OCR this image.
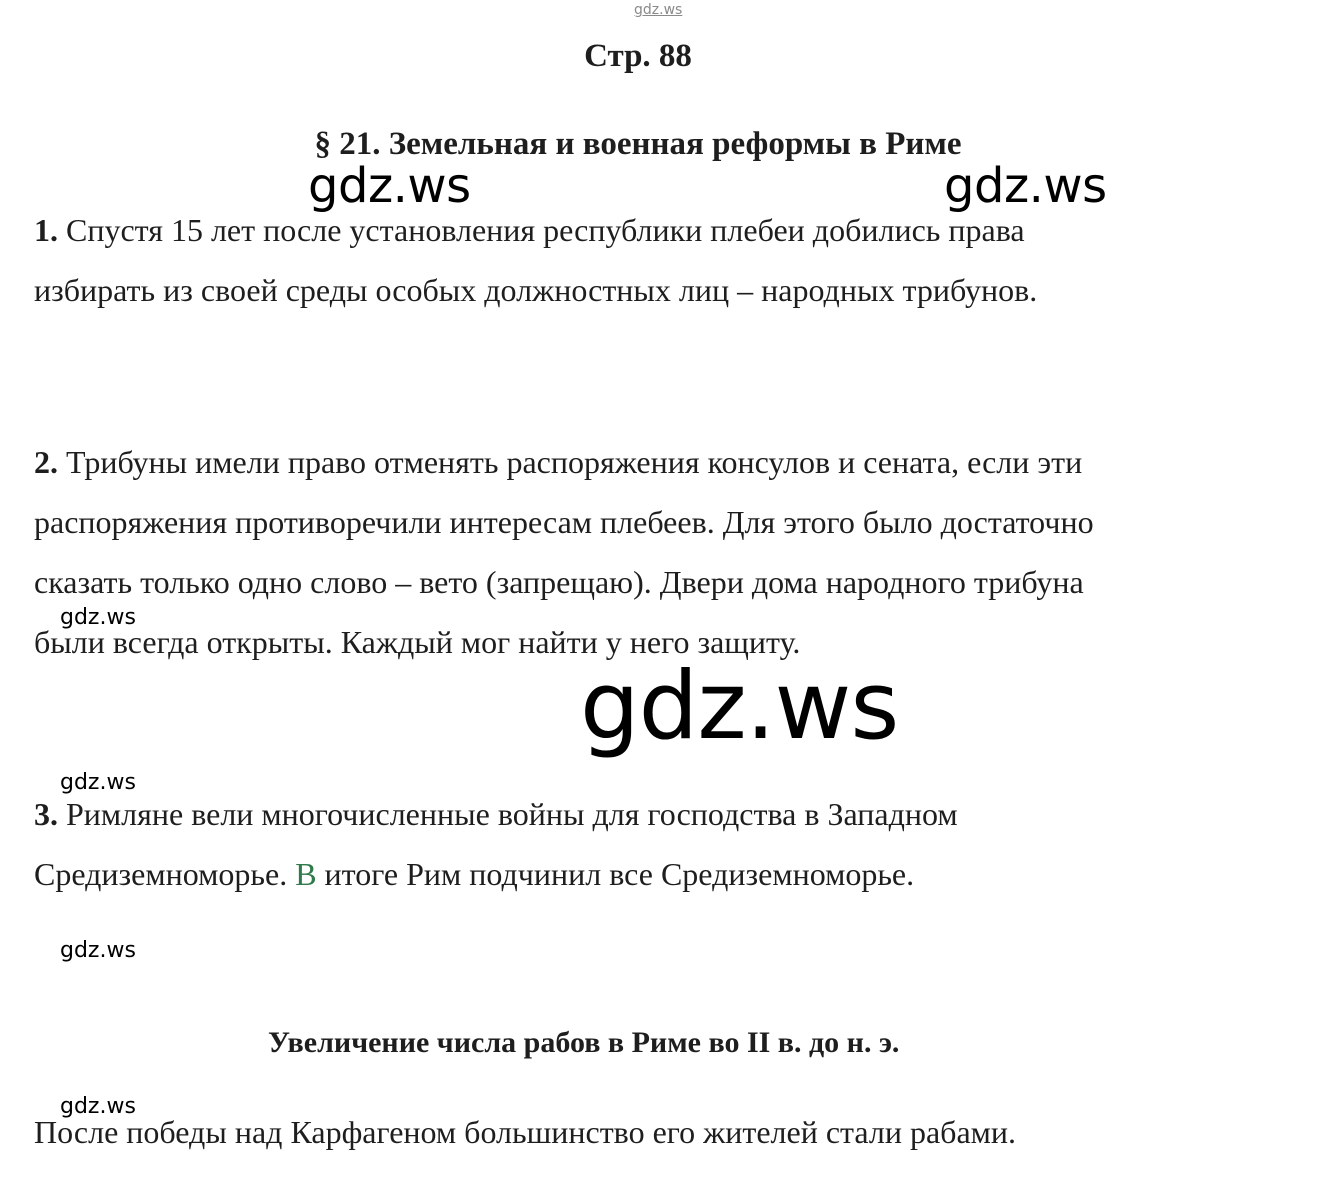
gdz.ws
gdz.ws	gdz.ws
gdz.ws
gdz.ws
gdz.ws
gdz.ws
gdz.ws
Стр. 88
§ 21. Земельная и военная реформы в Риме
1. Спустя 15 лет после установления республики плебеи добились права
избирать из своей среды особых должностных лиц – народных трибунов.
2. Трибуны имели право отменять распоряжения консулов и сената, если эти
распоряжения противоречили интересам плебеев. Для этого было достаточно
сказать только одно слово – вето (запрещаю). Двери дома народного трибуна
были всегда открыты. Каждый мог найти у него защиту.
3. Римляне вели многочисленные войны для господства в Западном
Средиземноморье. В итоге Рим подчинил все Средиземноморье.
Увеличение числа рабов в Риме во II в. до н. э.
После победы над Карфагеном большинство его жителей стали рабами.
